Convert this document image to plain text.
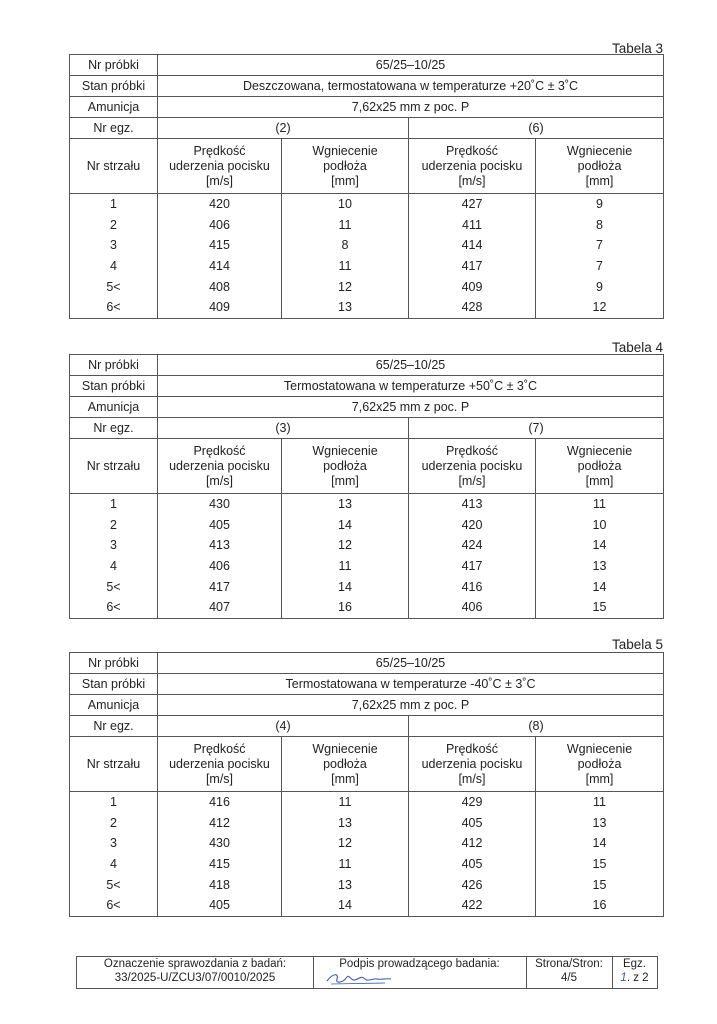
Tabela 3
Nr próbki	65/25–10/25			
Stan próbki	Deszczowana, termostatowana w temperaturze +20˚C ± 3˚C			
Amunicja	7,62x25 mm z poc. P			
Nr egz.	(2)		(6)	
Nr strzału	Prędkość
uderzenia pocisku
[m/s]	Wgniecenie
podłoża
[mm]	Prędkość
uderzenia pocisku
[m/s]	Wgniecenie
podłoża
[mm]
1	420	10	427	9
2	406	11	411	8
3	415	8	414	7
4	414	11	417	7
5<	408	12	409	9
6<	409	13	428	12
Tabela 4
Nr próbki	65/25–10/25			
Stan próbki	Termostatowana w temperaturze +50˚C ± 3˚C			
Amunicja	7,62x25 mm z poc. P			
Nr egz.	(3)		(7)	
Nr strzału	Prędkość
uderzenia pocisku
[m/s]	Wgniecenie
podłoża
[mm]	Prędkość
uderzenia pocisku
[m/s]	Wgniecenie
podłoża
[mm]
1	430	13	413	11
2	405	14	420	10
3	413	12	424	14
4	406	11	417	13
5<	417	14	416	14
6<	407	16	406	15
Tabela 5
Nr próbki	65/25–10/25			
Stan próbki	Termostatowana w temperaturze -40˚C ± 3˚C			
Amunicja	7,62x25 mm z poc. P			
Nr egz.	(4)		(8)	
Nr strzału	Prędkość
uderzenia pocisku
[m/s]	Wgniecenie
podłoża
[mm]	Prędkość
uderzenia pocisku
[m/s]	Wgniecenie
podłoża
[mm]
1	416	11	429	11
2	412	13	405	13
3	430	12	412	14
4	415	11	405	15
5<	418	13	426	15
6<	405	14	422	16
Oznaczenie sprawozdania z badań:
33/2025-U/ZCU3/07/0010/2025
Podpis prowadzącego badania:	Strona/Stron:
4/5
Egz.
1. z 2
